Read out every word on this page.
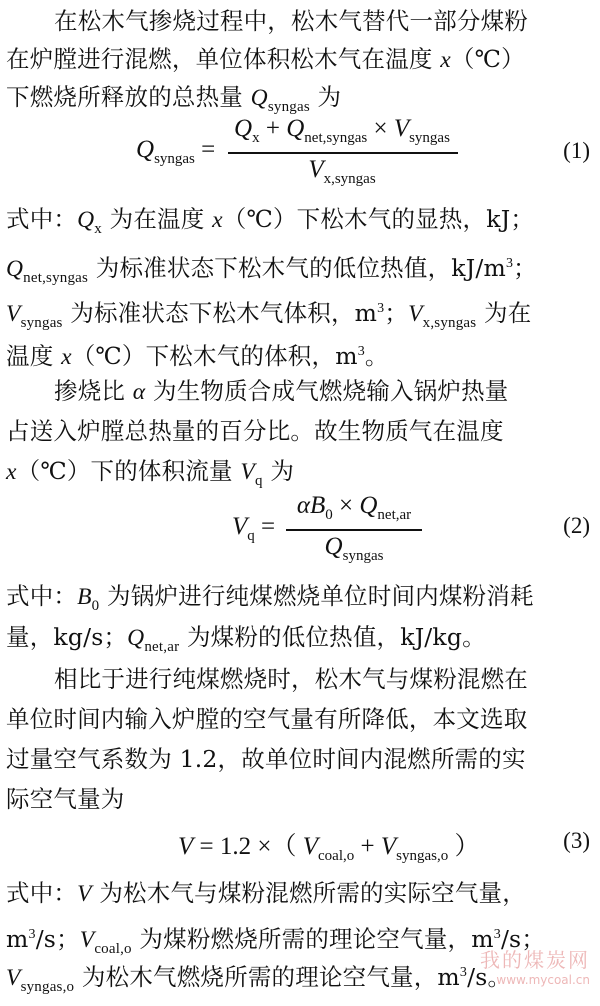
在松木气掺烧过程中，松木气替代一部分煤粉
在炉膛进行混燃，单位体积松木气在温度 x（℃）
下燃烧所释放的总热量 $Q_{syngas}$ 为
$Q_{syngas}$ =
$Q_x + Q_{net,syngas} \times V_{syngas}$
$V_{x,syngas}$
(1)
式中：$Q_x$ 为在温度 x（℃）下松木气的显热，kJ；
$Q_{net,syngas}$ 为标准状态下松木气的低位热值，$kJ/m^3$；
$V_{syngas}$ 为标准状态下松木气体积，$m^3$；$V_{x,syngas}$ 为在
温度 x（℃）下松木气的体积，$m^3$。
掺烧比 α 为生物质合成气燃烧输入锅炉热量
占送入炉膛总热量的百分比。故生物质气在温度
x（℃）下的体积流量 $V_q$ 为
$V_q$ =
$\alpha B_0 \times Q_{net,ar}$
$Q_{syngas}$
(2)
式中：$B_0$ 为锅炉进行纯煤燃烧单位时间内煤粉消耗
量，kg/s；$Q_{net,ar}$ 为煤粉的低位热值，kJ/kg。
相比于进行纯煤燃烧时，松木气与煤粉混燃在
单位时间内输入炉膛的空气量有所降低，本文选取
过量空气系数为 1.2，故单位时间内混燃所需的实
际空气量为
V = 1.2 ×（ $V_{coal,o} + V_{syngas,o}$ ）	(3)
式中：V 为松木气与煤粉混燃所需的实际空气量，
$m^3/s$；$V_{coal,o}$ 为煤粉燃烧所需的理论空气量，$m^3/s$；
$V_{syngas,o}$ 为松木气燃烧所需的理论空气量，$m^3/s$。
我的煤炭网
www.mycoal.cn
